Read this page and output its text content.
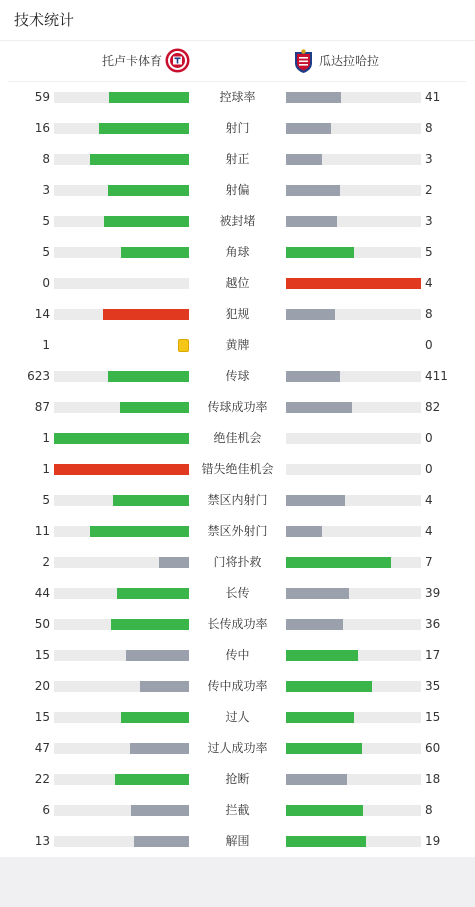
技术统计
托卢卡体育	瓜达拉哈拉
59	控球率	41
16	射门	8
8	射正	3
3	射偏	2
5	被封堵	3
5	角球	5
0	越位	4
14	犯规	8
1	黄牌	0
623	传球	411
87	传球成功率	82
1	绝佳机会	0
1	错失绝佳机会	0
5	禁区内射门	4
11	禁区外射门	4
2	门将扑救	7
44	长传	39
50	长传成功率	36
15	传中	17
20	传中成功率	35
15	过人	15
47	过人成功率	60
22	抢断	18
6	拦截	8
13	解围	19
